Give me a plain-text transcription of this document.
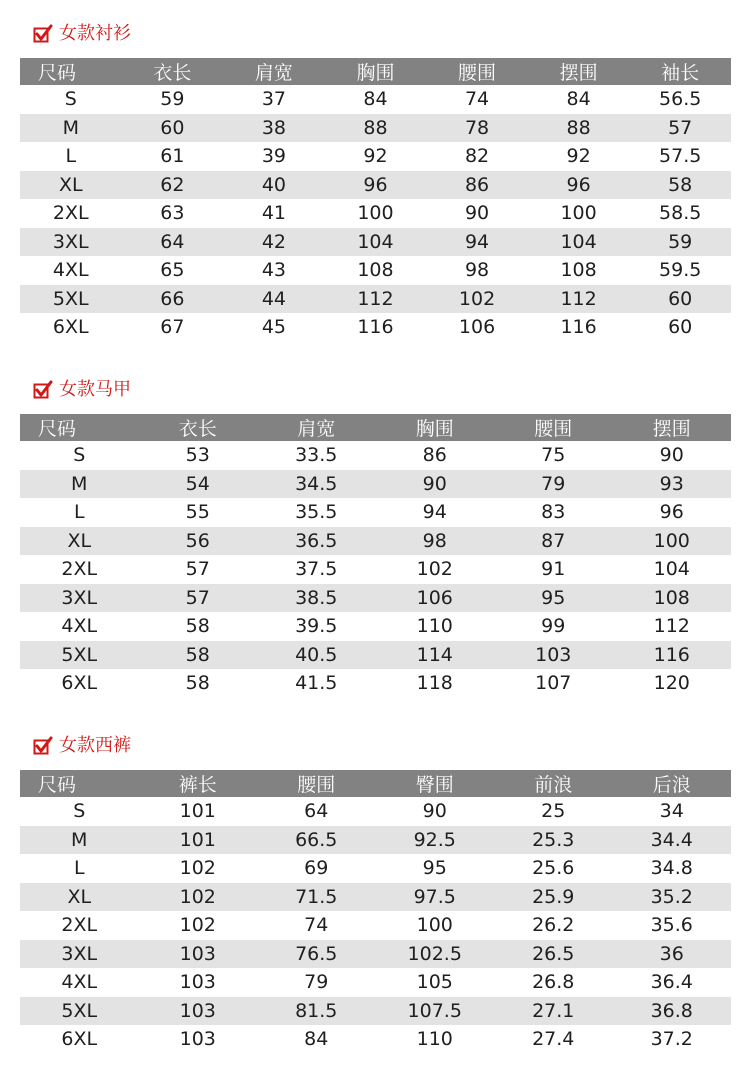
女款衬衫
尺码	衣长	肩宽	胸围	腰围	摆围	袖长
S	59	37	84	74	84	56.5
M	60	38	88	78	88	57
L	61	39	92	82	92	57.5
XL	62	40	96	86	96	58
2XL	63	41	100	90	100	58.5
3XL	64	42	104	94	104	59
4XL	65	43	108	98	108	59.5
5XL	66	44	112	102	112	60
6XL	67	45	116	106	116	60
女款马甲
尺码	衣长	肩宽	胸围	腰围	摆围
S	53	33.5	86	75	90
M	54	34.5	90	79	93
L	55	35.5	94	83	96
XL	56	36.5	98	87	100
2XL	57	37.5	102	91	104
3XL	57	38.5	106	95	108
4XL	58	39.5	110	99	112
5XL	58	40.5	114	103	116
6XL	58	41.5	118	107	120
女款西裤
尺码	裤长	腰围	臀围	前浪	后浪
S	101	64	90	25	34
M	101	66.5	92.5	25.3	34.4
L	102	69	95	25.6	34.8
XL	102	71.5	97.5	25.9	35.2
2XL	102	74	100	26.2	35.6
3XL	103	76.5	102.5	26.5	36
4XL	103	79	105	26.8	36.4
5XL	103	81.5	107.5	27.1	36.8
6XL	103	84	110	27.4	37.2
